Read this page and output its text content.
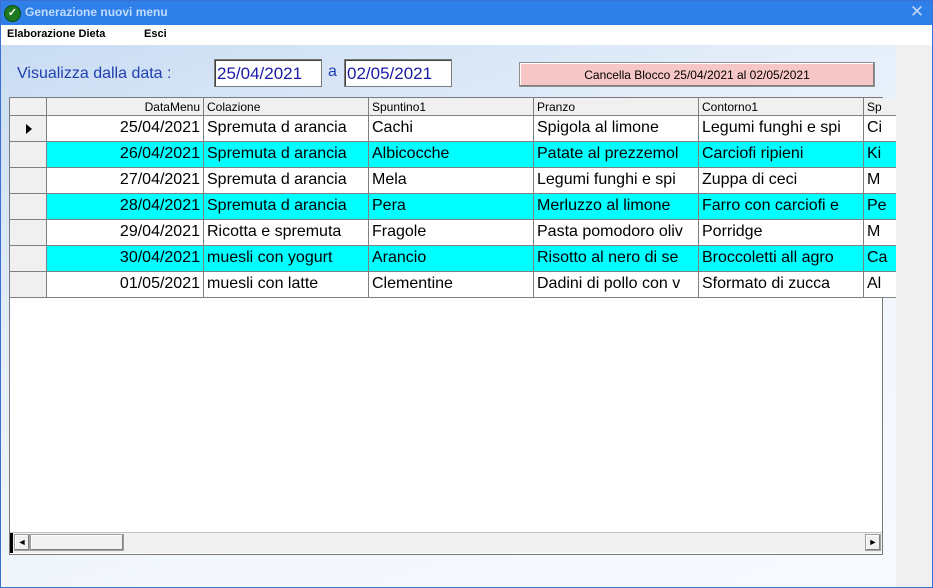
✓ Generazione nuovi menu	✕
Elaborazione Dieta	Esci
Visualizza dalla data :	25/04/2021	a 02/05/2021	Cancella Blocco 25/04/2021 al 02/05/2021
DataMenu Colazione	Spuntino1	Pranzo	Contorno1	Sp
25/04/2021 Spremuta d arancia	Cachi	Spigola al limone	Legumi funghi e spi	Ci
26/04/2021 Spremuta d arancia	Albicocche	Patate al prezzemol	Carciofi ripieni	Ki
27/04/2021 Spremuta d arancia	Mela	Legumi funghi e spi	Zuppa di ceci	M
28/04/2021 Spremuta d arancia	Pera	Merluzzo al limone	Farro con carciofi e	Pe
29/04/2021 Ricotta e spremuta	Fragole	Pasta pomodoro oliv	Porridge	M
30/04/2021 muesli con yogurt	Arancio	Risotto al nero di se	Broccoletti all agro	Ca
01/05/2021 muesli con latte	Clementine	Dadini di pollo con v	Sformato di zucca	Al
◄	►
